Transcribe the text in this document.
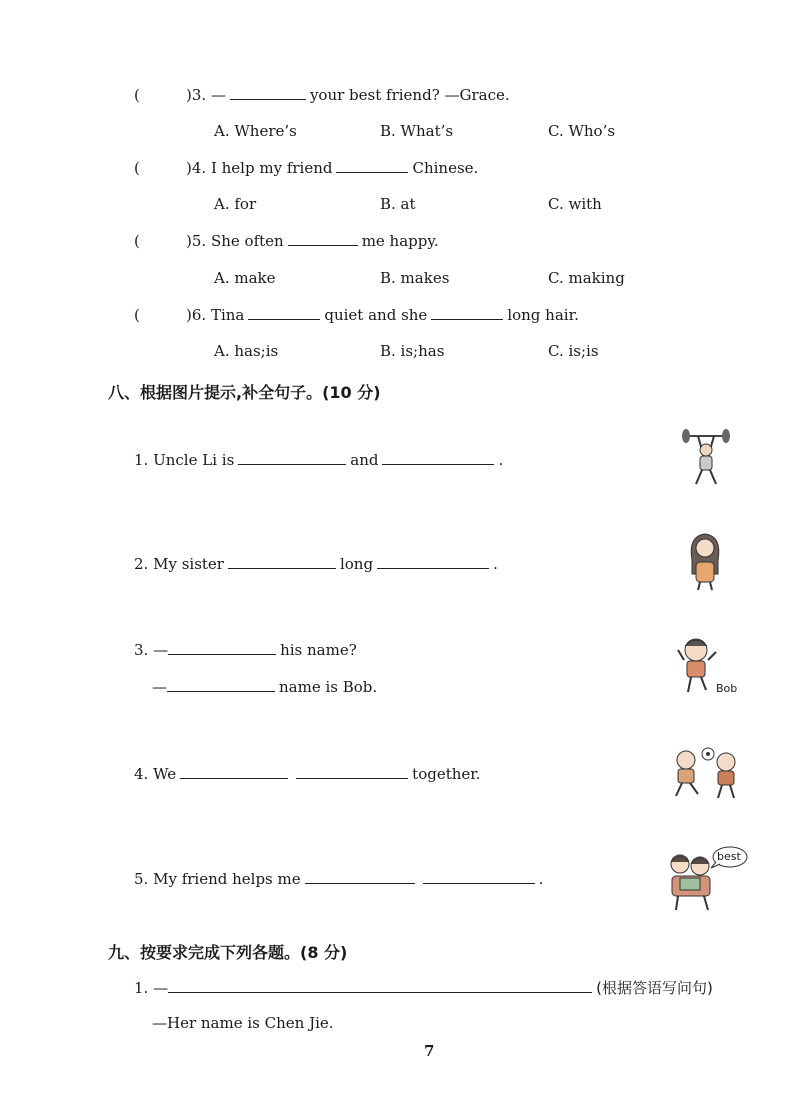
(	)3. —	your best friend? —Grace.
A. Where’s	B. What’s	C. Who’s
(	)4. I help my friend	Chinese.
A. for	B. at	C. with
(	)5. She often	me happy.
A. make	B. makes	C. making
(	)6. Tina	quiet and she	long hair.
A. has;is	B. is;has	C. is;is
八、根据图片提示,补全句子。(10 分)
1. Uncle Li is	and	.
2. My sister	long	.
3. —	his name?
—	name is Bob.	Bob
4. We	together.
5. My friend helps me	.
best
九、按要求完成下列各题。(8 分)
1. —	(根据答语写问句)
—Her name is Chen Jie.
7
